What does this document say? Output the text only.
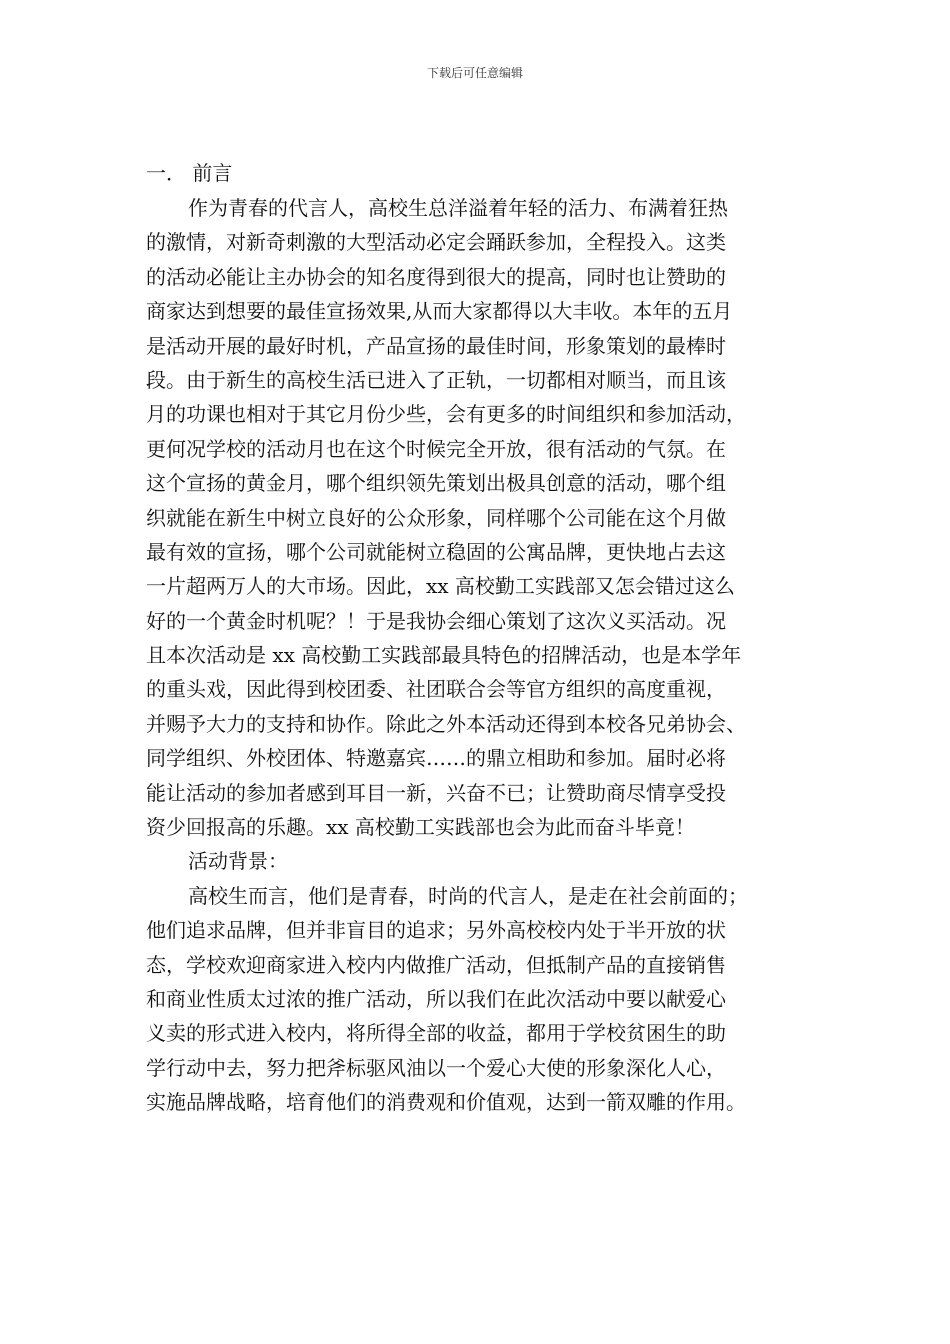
下载后可任意编辑
一． 前言
作为青春的代言人，高校生总洋溢着年轻的活力、布满着狂热
的激情，对新奇刺激的大型活动必定会踊跃参加，全程投入。这类
的活动必能让主办协会的知名度得到很大的提高，同时也让赞助的
商家达到想要的最佳宣扬效果,从而大家都得以大丰收。本年的五月
是活动开展的最好时机，产品宣扬的最佳时间，形象策划的最棒时
段。由于新生的高校生活已进入了正轨，一切都相对顺当，而且该
月的功课也相对于其它月份少些，会有更多的时间组织和参加活动，
更何况学校的活动月也在这个时候完全开放，很有活动的气氛。在
这个宣扬的黄金月，哪个组织领先策划出极具创意的活动，哪个组
织就能在新生中树立良好的公众形象，同样哪个公司能在这个月做
最有效的宣扬，哪个公司就能树立稳固的公寓品牌，更快地占去这
一片超两万人的大市场。因此，xx 高校勤工实践部又怎会错过这么
好的一个黄金时机呢？！于是我协会细心策划了这次义买活动。况
且本次活动是 xx 高校勤工实践部最具特色的招牌活动，也是本学年
的重头戏，因此得到校团委、社团联合会等官方组织的高度重视，
并赐予大力的支持和协作。除此之外本活动还得到本校各兄弟协会、
同学组织、外校团体、特邀嘉宾……的鼎立相助和参加。届时必将
能让活动的参加者感到耳目一新，兴奋不已；让赞助商尽情享受投
资少回报高的乐趣。xx 高校勤工实践部也会为此而奋斗毕竟！
活动背景：
高校生而言，他们是青春，时尚的代言人，是走在社会前面的；
他们追求品牌，但并非盲目的追求；另外高校校内处于半开放的状
态，学校欢迎商家进入校内内做推广活动，但抵制产品的直接销售
和商业性质太过浓的推广活动，所以我们在此次活动中要以献爱心
义卖的形式进入校内，将所得全部的收益，都用于学校贫困生的助
学行动中去，努力把斧标驱风油以一个爱心大使的形象深化人心，
实施品牌战略，培育他们的消费观和价值观，达到一箭双雕的作用。
